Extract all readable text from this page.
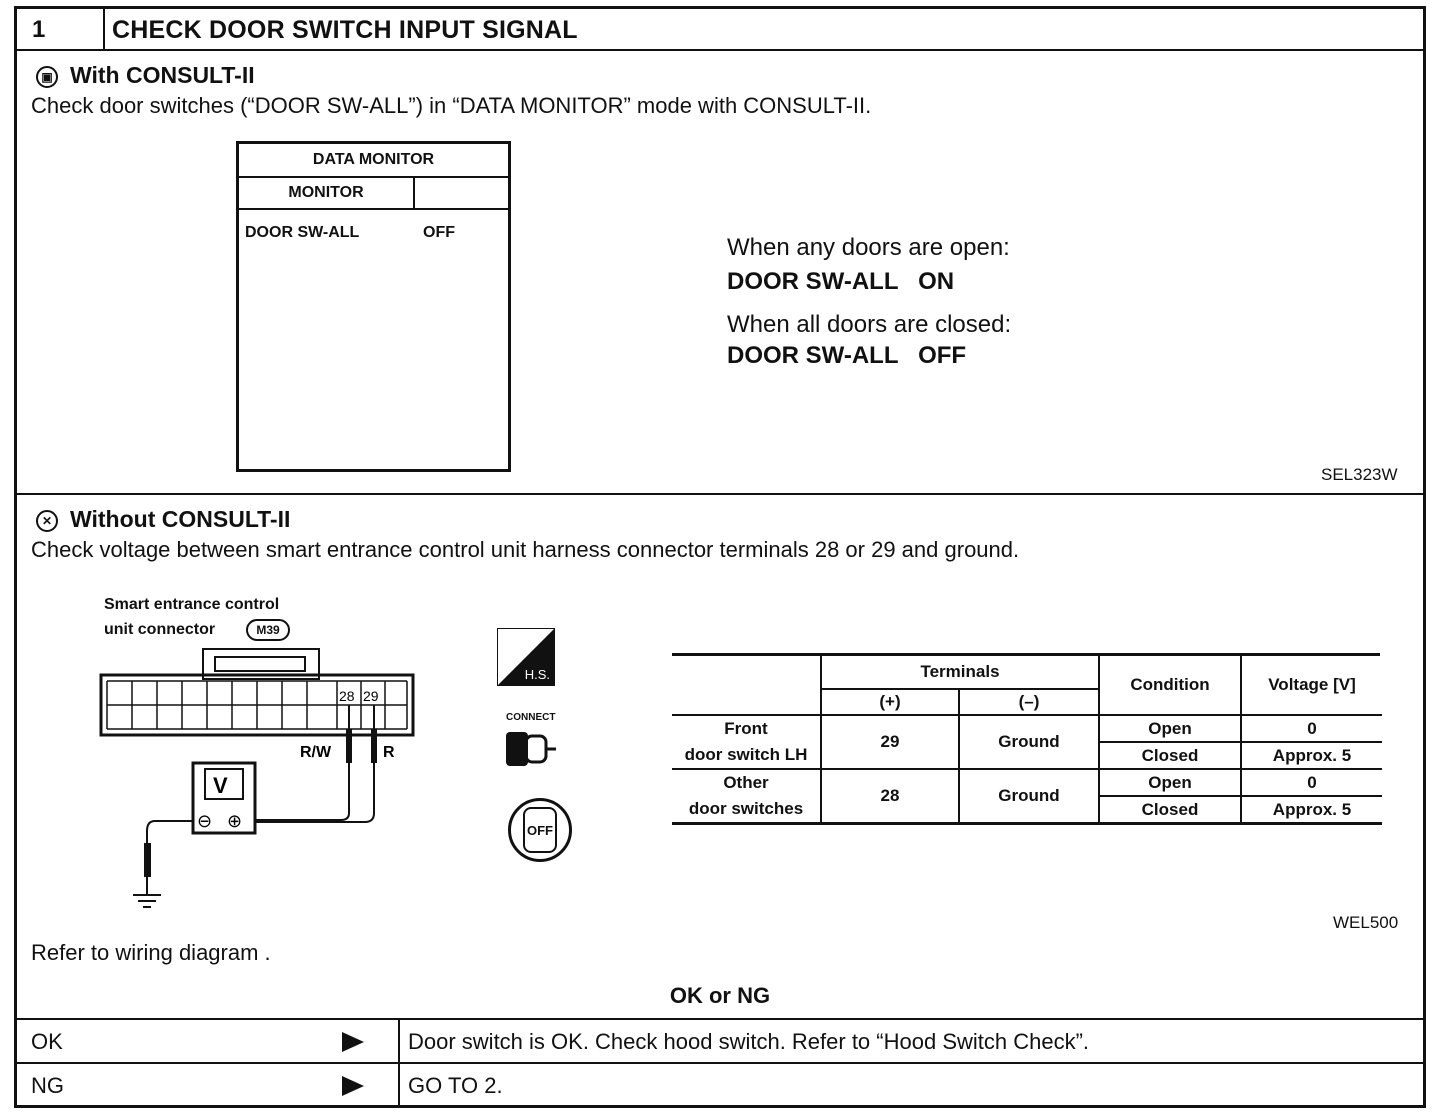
1	CHECK DOOR SWITCH INPUT SIGNAL
▣ With CONSULT-II
Check door switches (“DOOR SW-ALL”) in “DATA MONITOR” mode with CONSULT-II.
DATA MONITOR
MONITOR
DOOR SW-ALL	OFF
When any doors are open:
DOOR SW-ALL   ON
When all doors are closed:
DOOR SW-ALL   OFF
SEL323W
✕ Without CONSULT-II
Check voltage between smart entrance control unit harness connector terminals 28 or 29 and ground.
Smart entrance control
unit connector	M39
28 29
R/W	R
V
⊖ ⊕
H.S.
CONNECT
OFF
	Terminals		Condition	Voltage [V]
	(+)	(–)		
Front
door switch LH	29	Ground	Open	0
			Closed	Approx. 5
Other
door switches	28	Ground	Open	0
			Closed	Approx. 5
WEL500
Refer to wiring diagram .
OK or NG
OK	Door switch is OK. Check hood switch. Refer to “Hood Switch Check”.
NG	GO TO 2.
